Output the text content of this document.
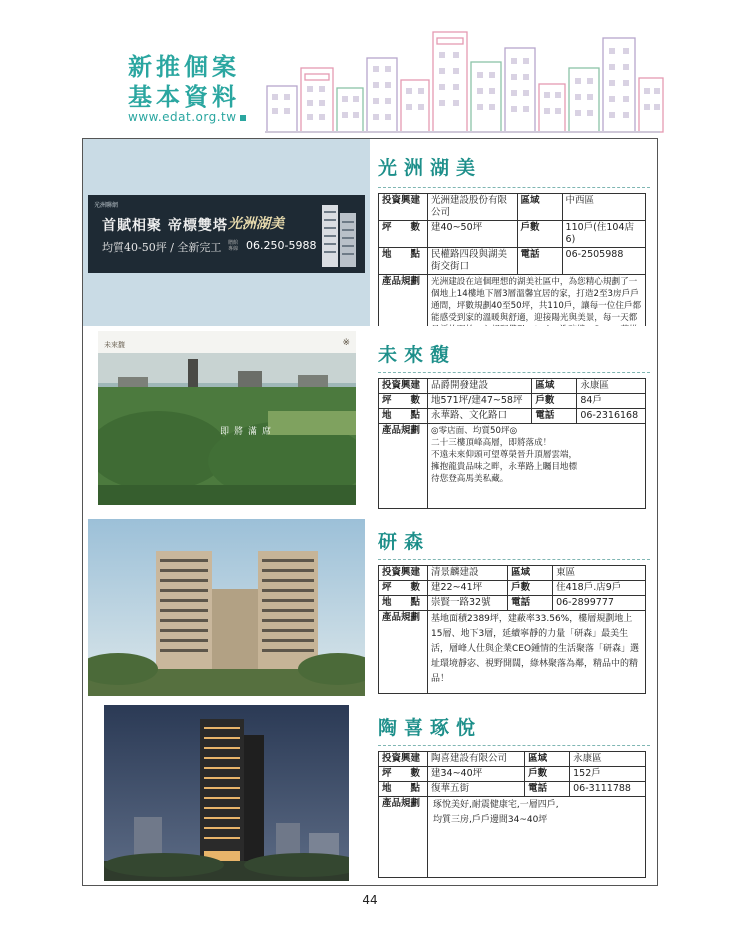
新推個案
基本資料
www.edat.org.tw
光洲聯網
首賦相聚 帝標雙塔
均質40-50坪 / 全新完工
光洲湖美
贈館專線 06.250-5988
光洲湖美
投資興建	光洲建設股份有限公司	區域	中西區
坪　　數	建40~50坪	戶數	110戶(住104店6)
地　　點	民權路四段與湖美街交街口	電話	06-2505988
產品規劃	光洲建設在這個理想的湖美社區中，為您精心規劃了一個地上14樓地下層3層溫馨宜居的家，打造2至3房戶戶通間，坪數規劃40至50坪，共110戶，讓每一位住戶都能感受到家的溫暖與舒適，迎接陽光與美景，每一天都		
未來馥	※
即將滿席
未來馥
投資興建	品爵開發建設	區域	永康區
坪　　數	地571坪/建47~58坪	戶數	84戶
地　　點	永華路、文化路口	電話	06-2316168
產品規劃	◎零店面、均質50坪◎
二十三樓頂峰高層，即將落成！
不遠未來仰頭可望尊榮晉升頂層雲端，
擁抱龍貴品味之畔，永華路上矚目地標
待您登高馬美私藏。		
研森
投資興建	清景麟建設	區域	東區
坪　　數	建22~41坪	戶數	住418戶.店9戶
地　　點	崇賢一路32號	電話	06-2899777
產品規劃	基地面積2389坪，建蔽率33.56%，樓層規劃地上15層、地下3層，延續寧靜的力量「研森」最美生活，層峰人仕與企業CEO鍾情的生活聚落「研森」選址環境靜宓、視野開闊，綠林聚落為鄰，精品中的精品！		
陶喜琢悅
投資興建	陶喜建設有限公司	區域	永康區
坪　　數	建34~40坪	戶數	152戶
地　　點	復華五街	電話	06-3111788
產品規劃	琢悅美好,耐震健康宅,一層四戶,
均質三房,戶戶邊間34~40坪		
44
